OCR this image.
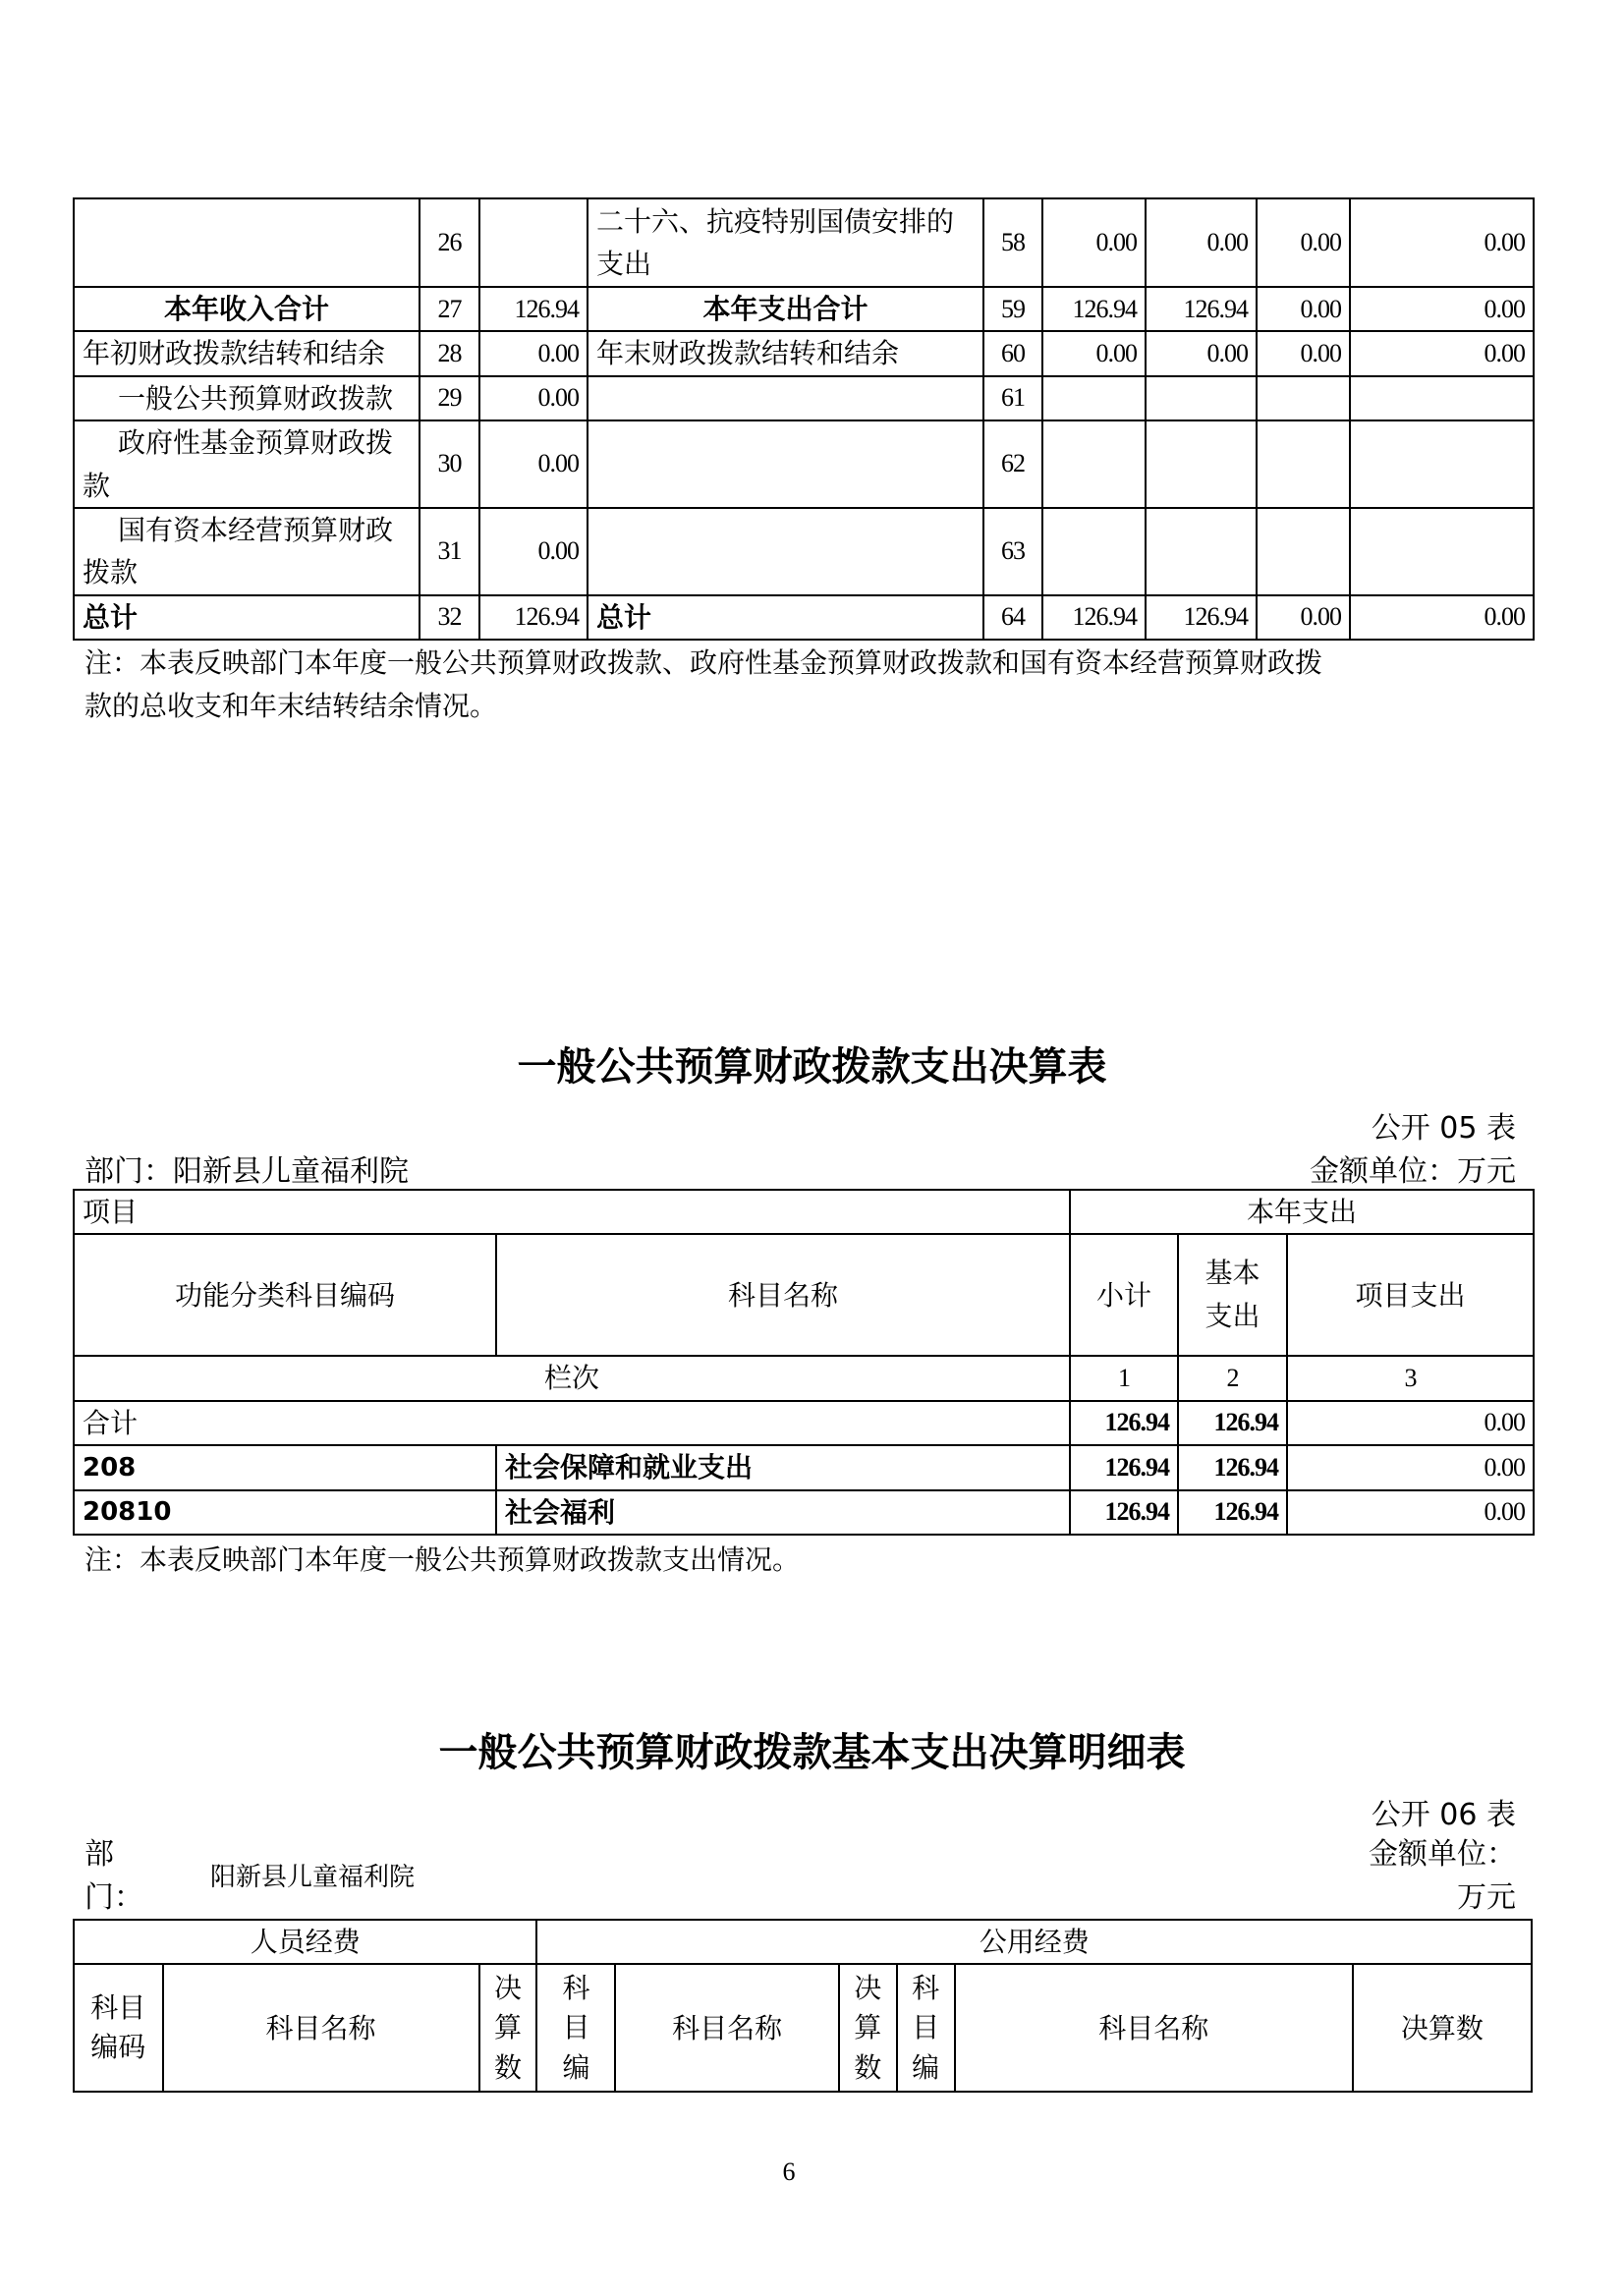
	26		二十六、抗疫特别国债安排的支出	58	0.00	0.00	0.00	0.00
本年收入合计	27	126.94	本年支出合计	59	126.94	126.94	0.00	0.00
年初财政拨款结转和结余	28	0.00	年末财政拨款结转和结余	60	0.00	0.00	0.00	0.00
一般公共预算财政拨款	29	0.00		61				
政府性基金预算财政拨款	30	0.00		62				
国有资本经营预算财政拨款	31	0.00		63				
总计	32	126.94	总计	64	126.94	126.94	0.00	0.00
注：本表反映部门本年度一般公共预算财政拨款、政府性基金预算财政拨款和国有资本经营预算财政拨
款的总收支和年末结转结余情况。
一般公共预算财政拨款支出决算表
公开 05 表
部门：阳新县儿童福利院	金额单位：万元
项目		本年支出		
功能分类科目编码	科目名称	小计	基本支出	项目支出
栏次		1	2	3
合计		126.94	126.94	0.00
208	社会保障和就业支出	126.94	126.94	0.00
20810	社会福利	126.94	126.94	0.00
注：本表反映部门本年度一般公共预算财政拨款支出情况。
一般公共预算财政拨款基本支出决算明细表
公开 06 表
部门：
阳新县儿童福利院
金额单位：万元
人员经费			公用经费					

科目编码	科目名称	决算数	科目编	科目名称	决算数	科目编	科目名称	决算数
6
